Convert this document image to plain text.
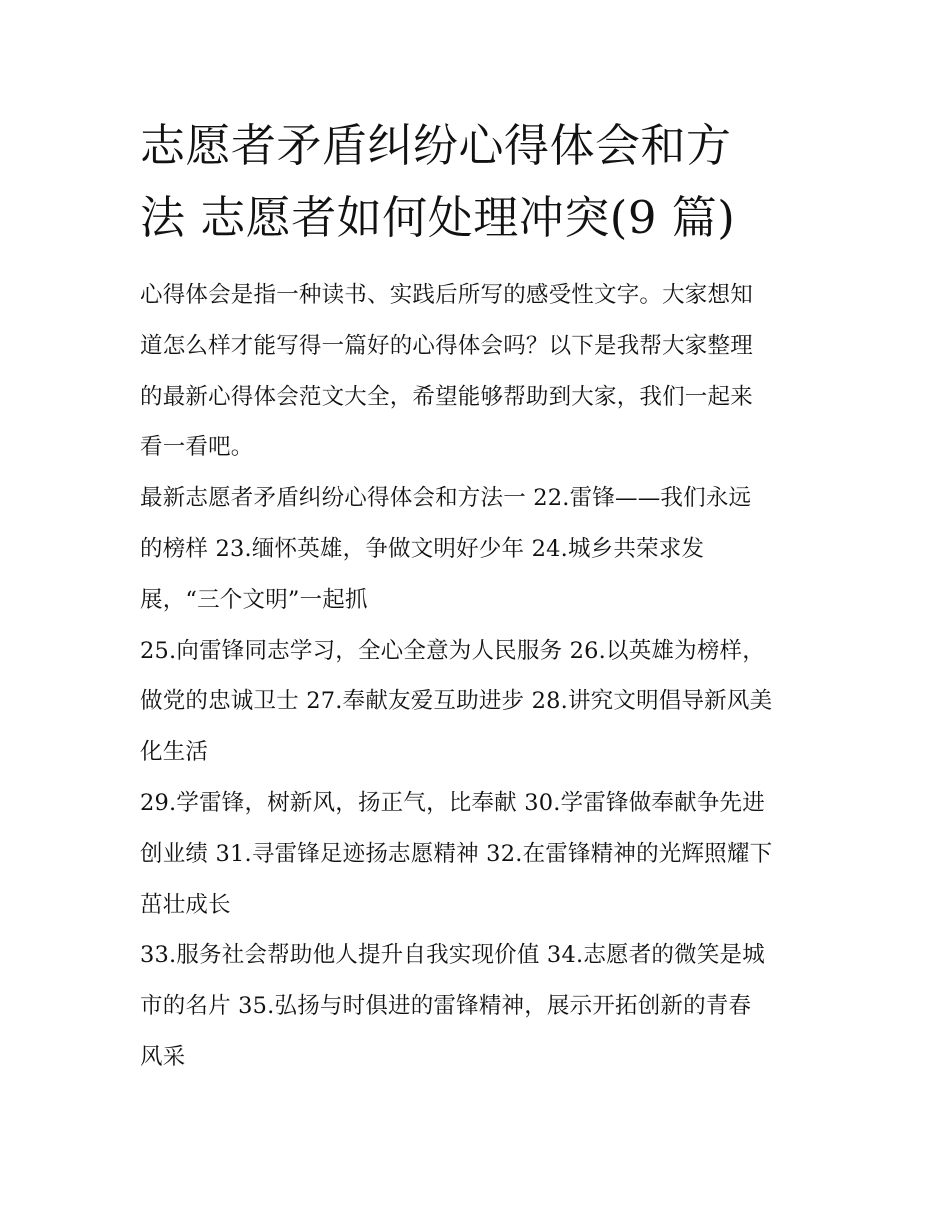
志愿者矛盾纠纷心得体会和方
法 志愿者如何处理冲突(9 篇)

心得体会是指一种读书、实践后所写的感受性文字。大家想知
道怎么样才能写得一篇好的心得体会吗？以下是我帮大家整理
的最新心得体会范文大全，希望能够帮助到大家，我们一起来
看一看吧。

最新志愿者矛盾纠纷心得体会和方法一 22.雷锋——我们永远
的榜样 23.缅怀英雄，争做文明好少年 24.城乡共荣求发
展，“三个文明”一起抓

25.向雷锋同志学习，全心全意为人民服务 26.以英雄为榜样，
做党的忠诚卫士 27.奉献友爱互助进步 28.讲究文明倡导新风美
化生活

29.学雷锋，树新风，扬正气，比奉献 30.学雷锋做奉献争先进
创业绩 31.寻雷锋足迹扬志愿精神 32.在雷锋精神的光辉照耀下
茁壮成长

33.服务社会帮助他人提升自我实现价值 34.志愿者的微笑是城
市的名片 35.弘扬与时俱进的雷锋精神，展示开拓创新的青春
风采
